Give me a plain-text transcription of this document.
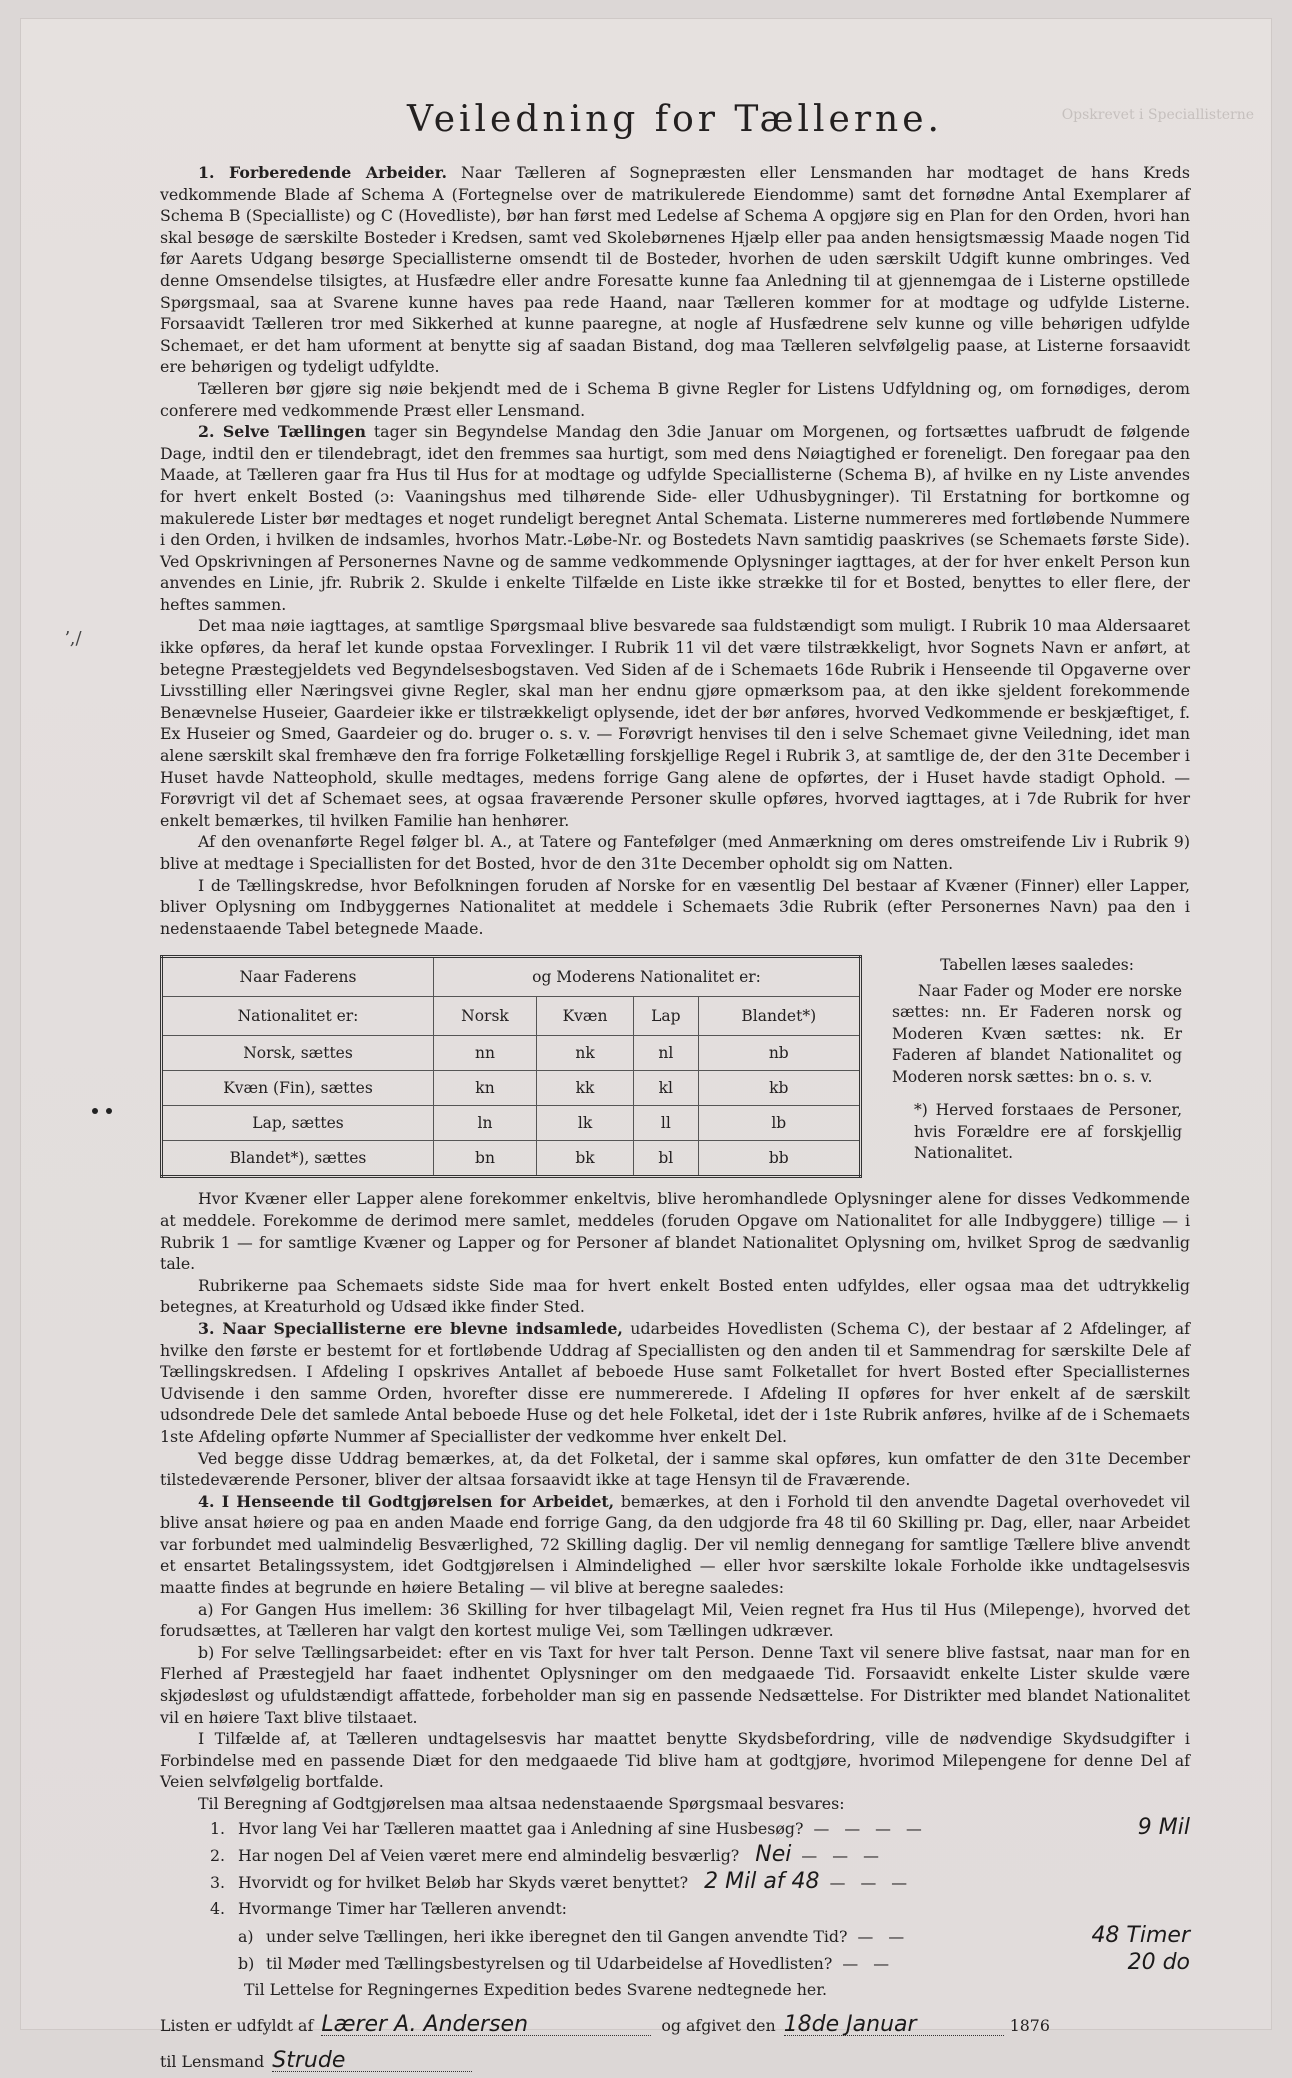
Opskrevet i Speciallisterne
ʼ,/
Veiledning for Tællerne.

1. Forberedende Arbeider. Naar Tælleren af Sognepræsten eller Lensmanden har modtaget de hans Kreds vedkommende Blade af Schema A (Fortegnelse over de matrikulerede Eiendomme) samt det fornødne Antal Exemplarer af Schema B (Specialliste) og C (Hovedliste), bør han først med Ledelse af Schema A opgjøre sig en Plan for den Orden, hvori han skal besøge de særskilte Bosteder i Kredsen, samt ved Skolebørnenes Hjælp eller paa anden hensigtsmæssig Maade nogen Tid før Aarets Udgang besørge Speciallisterne omsendt til de Bosteder, hvorhen de uden særskilt Udgift kunne ombringes. Ved denne Omsendelse tilsigtes, at Husfædre eller andre Foresatte kunne faa Anledning til at gjennemgaa de i Listerne opstillede Spørgsmaal, saa at Svarene kunne haves paa rede Haand, naar Tælleren kommer for at modtage og udfylde Listerne. Forsaavidt Tælleren tror med Sikkerhed at kunne paaregne, at nogle af Husfædrene selv kunne og ville behørigen udfylde Schemaet, er det ham uforment at benytte sig af saadan Bistand, dog maa Tælleren selvfølgelig paase, at Listerne forsaavidt ere behørigen og tydeligt udfyldte.

Tælleren bør gjøre sig nøie bekjendt med de i Schema B givne Regler for Listens Udfyldning og, om fornødiges, derom conferere med vedkommende Præst eller Lensmand.

2. Selve Tællingen tager sin Begyndelse Mandag den 3die Januar om Morgenen, og fortsættes uafbrudt de følgende Dage, indtil den er tilendebragt, idet den fremmes saa hurtigt, som med dens Nøiagtighed er foreneligt. Den foregaar paa den Maade, at Tælleren gaar fra Hus til Hus for at modtage og udfylde Speciallisterne (Schema B), af hvilke en ny Liste anvendes for hvert enkelt Bosted (ɔ: Vaaningshus med tilhørende Side- eller Udhusbygninger). Til Erstatning for bortkomne og makulerede Lister bør medtages et noget rundeligt beregnet Antal Schemata. Listerne nummereres med fortløbende Nummere i den Orden, i hvilken de indsamles, hvorhos Matr.-Løbe-Nr. og Bostedets Navn samtidig paaskrives (se Schemaets første Side). Ved Opskrivningen af Personernes Navne og de samme vedkommende Oplysninger iagttages, at der for hver enkelt Person kun anvendes en Linie, jfr. Rubrik 2. Skulde i enkelte Tilfælde en Liste ikke strække til for et Bosted, benyttes to eller flere, der heftes sammen.

Det maa nøie iagttages, at samtlige Spørgsmaal blive besvarede saa fuldstændigt som muligt. I Rubrik 10 maa Aldersaaret ikke opføres, da heraf let kunde opstaa Forvexlinger. I Rubrik 11 vil det være tilstrækkeligt, hvor Sognets Navn er anført, at betegne Præstegjeldets ved Begyndelsesbogstaven. Ved Siden af de i Schemaets 16de Rubrik i Henseende til Opgaverne over Livsstilling eller Næringsvei givne Regler, skal man her endnu gjøre opmærksom paa, at den ikke sjeldent forekommende Benævnelse Huseier, Gaardeier ikke er tilstrækkeligt oplysende, idet der bør anføres, hvorved Vedkommende er beskjæftiget, f. Ex Huseier og Smed, Gaardeier og do. bruger o. s. v. — Forøvrigt henvises til den i selve Schemaet givne Veiledning, idet man alene særskilt skal fremhæve den fra forrige Folketælling forskjellige Regel i Rubrik 3, at samtlige de, der den 31te December i Huset havde Natteophold, skulle medtages, medens forrige Gang alene de opførtes, der i Huset havde stadigt Ophold. — Forøvrigt vil det af Schemaet sees, at ogsaa fraværende Personer skulle opføres, hvorved iagttages, at i 7de Rubrik for hver enkelt bemærkes, til hvilken Familie han henhører.

Af den ovenanførte Regel følger bl. A., at Tatere og Fantefølger (med Anmærkning om deres omstreifende Liv i Rubrik 9) blive at medtage i Speciallisten for det Bosted, hvor de den 31te December opholdt sig om Natten.

I de Tællingskredse, hvor Befolkningen foruden af Norske for en væsentlig Del bestaar af Kvæner (Finner) eller Lapper, bliver Oplysning om Indbyggernes Nationalitet at meddele i Schemaets 3die Rubrik (efter Personernes Navn) paa den i nedenstaaende Tabel betegnede Maade.

Naar Faderens	og Moderens Nationalitet er:			
Nationalitet er:	Norsk	Kvæn	Lap	Blandet*)
Norsk, sættes	nn	nk	nl	nb
Kvæn (Fin), sættes	kn	kk	kl	kb
Lap, sættes	ln	lk	ll	lb
Blandet*), sættes	bn	bk	bl	bb
Tabellen læses saaledes:
Naar Fader og Moder ere norske sættes: nn. Er Faderen norsk og Moderen Kvæn sættes: nk. Er Faderen af blandet Nationalitet og Moderen norsk sættes: bn o. s. v.
*) Herved forstaaes de Personer, hvis Forældre ere af forskjellig Nationalitet.

Hvor Kvæner eller Lapper alene forekommer enkeltvis, blive heromhandlede Oplysninger alene for disses Vedkommende at meddele. Forekomme de derimod mere samlet, meddeles (foruden Opgave om Nationalitet for alle Indbyggere) tillige — i Rubrik 1 — for samtlige Kvæner og Lapper og for Personer af blandet Nationalitet Oplysning om, hvilket Sprog de sædvanlig tale.

Rubrikerne paa Schemaets sidste Side maa for hvert enkelt Bosted enten udfyldes, eller ogsaa maa det udtrykkelig betegnes, at Kreaturhold og Udsæd ikke finder Sted.

3. Naar Speciallisterne ere blevne indsamlede, udarbeides Hovedlisten (Schema C), der bestaar af 2 Afdelinger, af hvilke den første er bestemt for et fortløbende Uddrag af Speciallisten og den anden til et Sammendrag for særskilte Dele af Tællingskredsen. I Afdeling I opskrives Antallet af beboede Huse samt Folketallet for hvert Bosted efter Speciallisternes Udvisende i den samme Orden, hvorefter disse ere nummererede. I Afdeling II opføres for hver enkelt af de særskilt udsondrede Dele det samlede Antal beboede Huse og det hele Folketal, idet der i 1ste Rubrik anføres, hvilke af de i Schemaets 1ste Afdeling opførte Nummer af Speciallister der vedkomme hver enkelt Del.

Ved begge disse Uddrag bemærkes, at, da det Folketal, der i samme skal opføres, kun omfatter de den 31te December tilstedeværende Personer, bliver der altsaa forsaavidt ikke at tage Hensyn til de Fraværende.

4. I Henseende til Godtgjørelsen for Arbeidet, bemærkes, at den i Forhold til den anvendte Dagetal overhovedet vil blive ansat høiere og paa en anden Maade end forrige Gang, da den udgjorde fra 48 til 60 Skilling pr. Dag, eller, naar Arbeidet var forbundet med ualmindelig Besværlighed, 72 Skilling daglig. Der vil nemlig dennegang for samtlige Tællere blive anvendt et ensartet Betalingssystem, idet Godtgjørelsen i Almindelighed — eller hvor særskilte lokale Forholde ikke undtagelsesvis maatte findes at begrunde en høiere Betaling — vil blive at beregne saaledes:

a) For Gangen Hus imellem: 36 Skilling for hver tilbagelagt Mil, Veien regnet fra Hus til Hus (Milepenge), hvorved det forudsættes, at Tælleren har valgt den kortest mulige Vei, som Tællingen udkræver.

b) For selve Tællingsarbeidet: efter en vis Taxt for hver talt Person. Denne Taxt vil senere blive fastsat, naar man for en Flerhed af Præstegjeld har faaet indhentet Oplysninger om den medgaaede Tid. Forsaavidt enkelte Lister skulde være skjødesløst og ufuldstændigt affattede, forbeholder man sig en passende Nedsættelse. For Distrikter med blandet Nationalitet vil en høiere Taxt blive tilstaaet.

I Tilfælde af, at Tælleren undtagelsesvis har maattet benytte Skydsbefordring, ville de nødvendige Skydsudgifter i Forbindelse med en passende Diæt for den medgaaede Tid blive ham at godtgjøre, hvorimod Milepengene for denne Del af Veien selvfølgelig bortfalde.

Til Beregning af Godtgjørelsen maa altsaa nedenstaaende Spørgsmaal besvares:

1. Hvor lang Vei har Tælleren maattet gaa i Anledning af sine Husbesøg? —   —   —   —	9 Mil
2. Har nogen Del af Veien været mere end almindelig besværlig? Nei —   —   —
3. Hvorvidt og for hvilket Beløb har Skyds været benyttet? 2 Mil af 48 —   —   —
4. Hvormange Timer har Tælleren anvendt:
a) under selve Tællingen, heri ikke iberegnet den til Gangen anvendte Tid? —   —	48 Timer
b) til Møder med Tællingsbestyrelsen og til Udarbeidelse af Hovedlisten? —   —	20 do
Til Lettelse for Regningernes Expedition bedes Svarene nedtegnede her.
Listen er udfyldt af Lærer A. Andersen	og afgivet den 18de Januar	1876
til Lensmand Strude
